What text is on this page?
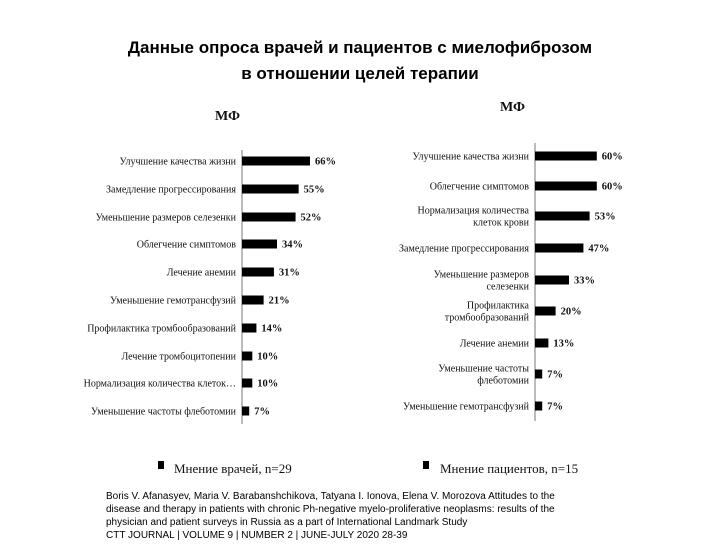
Данные опроса врачей и пациентов с миелофиброзом
в отношении целей терапии
МФ
66%
Улучшение качества жизни
55%
Замедление прогрессирования
52%
Уменьшение размеров селезенки
34%
Облегчение симптомов
31%
Лечение анемии
21%
Уменьшение гемотрансфузий
14%
Профилактика тромбообразований
10%
Лечение тромбоцитопении
10%
Нормализация количества клеток…
7%
Уменьшение частоты флеботомии
Мнение врачей, n=29
МФ
60%
Улучшение качества жизни
60%
Облегчение симптомов
53%
Нормализация количества клеток крови
47%
Замедление прогрессирования
33%
Уменьшение размеров селезенки
20%
Профилактика тромбообразований
13%
Лечение анемии
7%
Уменьшение частоты флеботомии
7%
Уменьшение гемотрансфузий
Мнение пациентов, n=15
Boris V. Afanasyev, Maria V. Barabanshchikova, Tatyana I. Ionova, Elena V. Morozova Attitudes to the
disease and therapy in patients with chronic Ph-negative myelo-proliferative neoplasms: results of the
physician and patient surveys in Russia as a part of International Landmark Study
CTT JOURNAL | VOLUME 9 | NUMBER 2 | JUNE-JULY 2020 28-39
